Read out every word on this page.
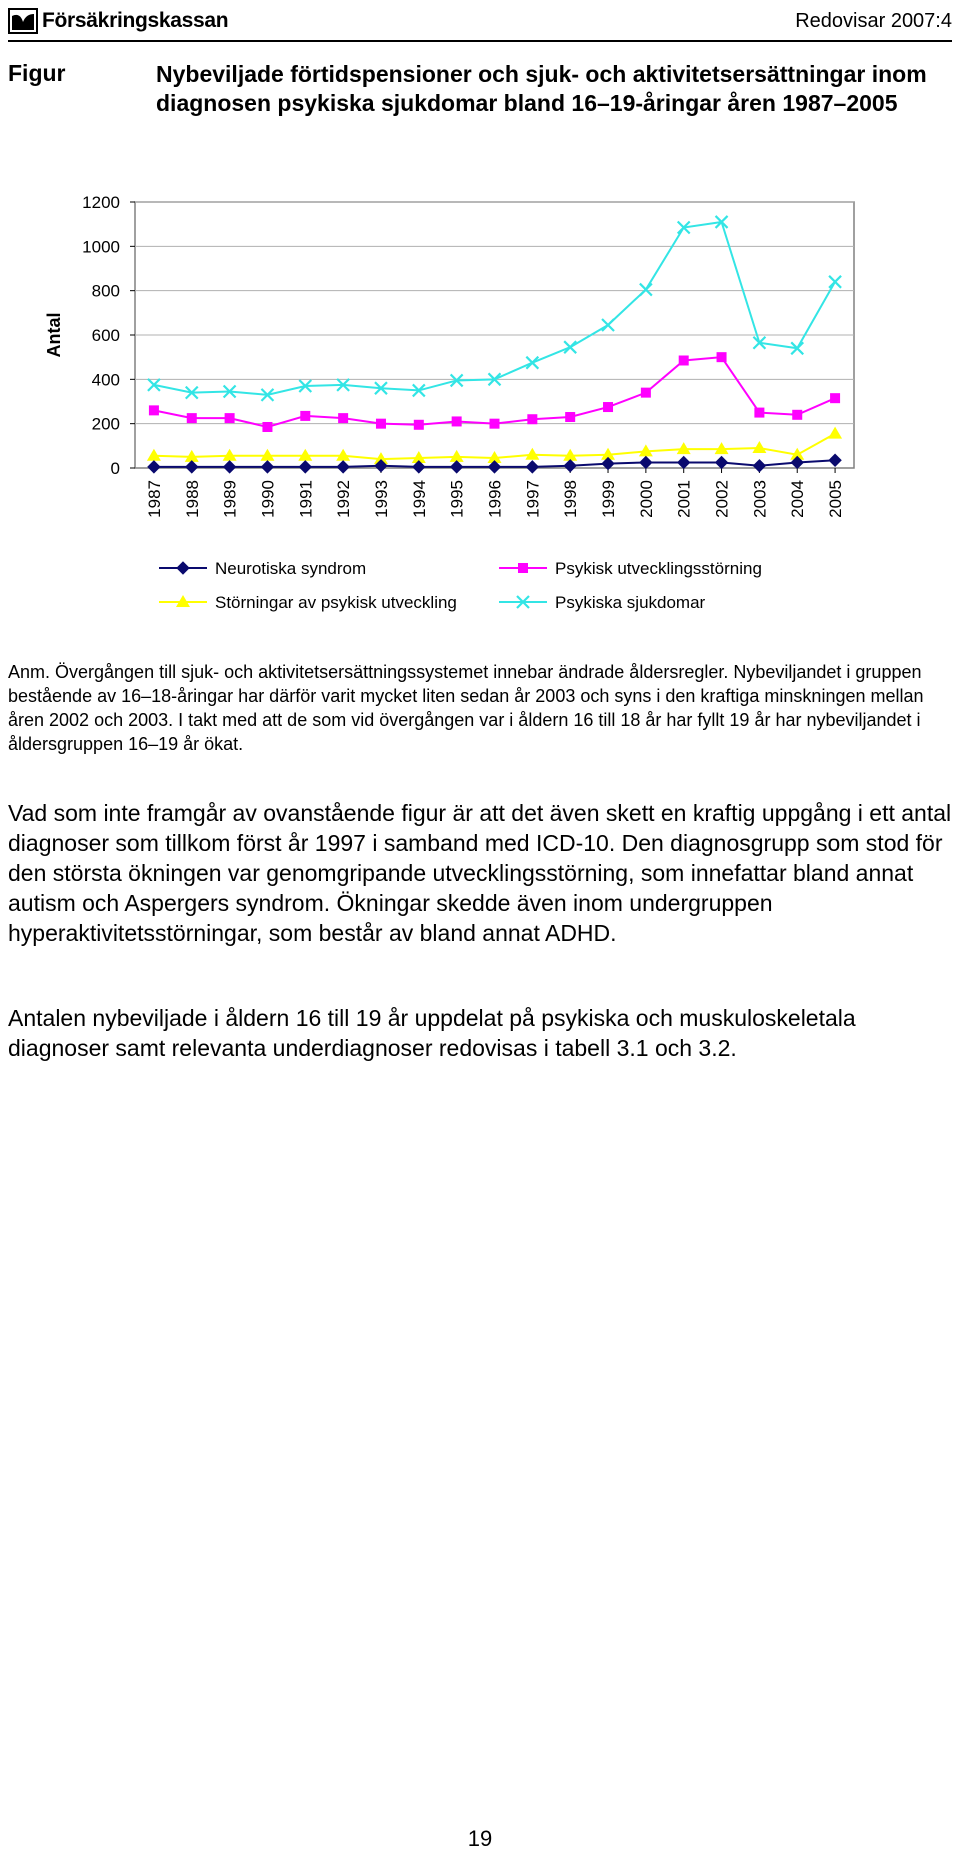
Försäkringskassan	Redovisar 2007:4
Figur	Nybeviljade förtidspensioner och sjuk- och aktivitetsersättningar inom diagnosen psykiska sjukdomar bland 16–19-åringar åren 1987–2005
0
200
400
600
800
1000
1200
Antal
1987 1988 1989 1990 1991 1992 1993 1994 1995 1996 1997 1998 1999 2000 2001 2002 2003 2004 2005
Neurotiska syndrom	Psykisk utvecklingsstörning
Störningar av psykisk utveckling	Psykiska sjukdomar
Anm. Övergången till sjuk- och aktivitetsersättningssystemet innebar ändrade åldersregler. Nybeviljandet i gruppen bestående av 16–18-åringar har därför varit mycket liten sedan år 2003 och syns i den kraftiga minskningen mellan åren 2002 och 2003. I takt med att de som vid övergången var i åldern 16 till 18 år har fyllt 19 år har nybeviljandet i åldersgruppen 16–19 år ökat.
Vad som inte framgår av ovanstående figur är att det även skett en kraftig uppgång i ett antal diagnoser som tillkom först år 1997 i samband med ICD-10. Den diagnosgrupp som stod för den största ökningen var genomgripande utvecklingsstörning, som innefattar bland annat autism och Aspergers syndrom. Ökningar skedde även inom undergruppen hyperaktivitetsstörningar, som består av bland annat ADHD.
Antalen nybeviljade i åldern 16 till 19 år uppdelat på psykiska och muskuloskeletala diagnoser samt relevanta underdiagnoser redovisas i tabell 3.1 och 3.2.
19
